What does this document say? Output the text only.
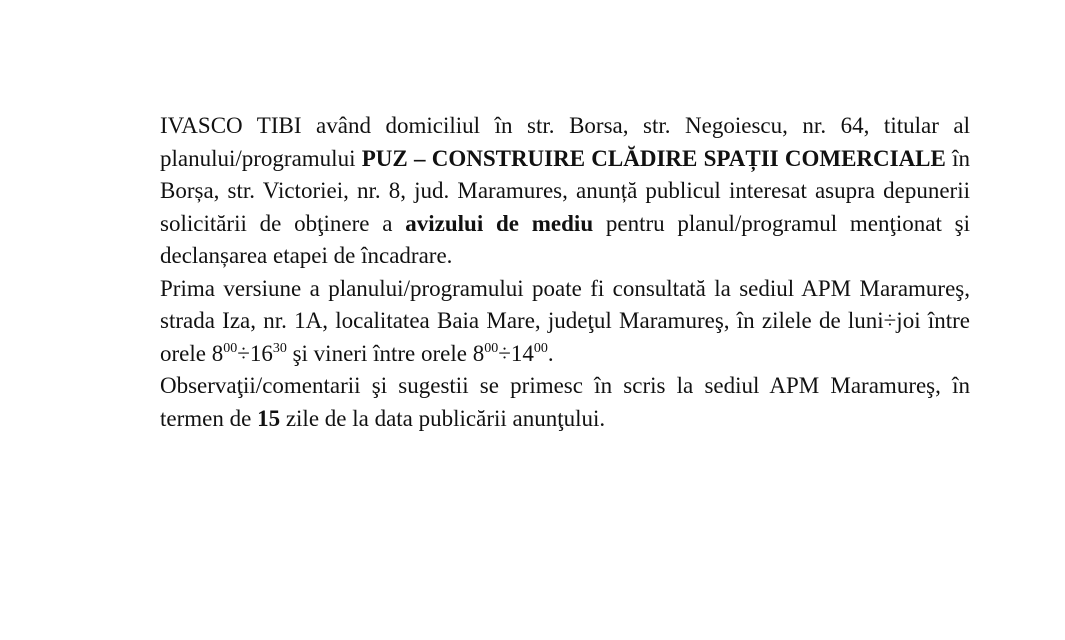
IVASCO TIBI având domiciliul în str. Borsa, str. Negoiescu, nr. 64, titular al planului/programului PUZ – CONSTRUIRE CLĂDIRE SPAȚII COMERCIALE în Borșa, str. Victoriei, nr. 8, jud. Maramures, anunță publicul interesat asupra depunerii solicitării de obţinere a avizului de mediu pentru planul/programul menţionat şi declanșarea etapei de încadrare.

Prima versiune a planului/programului poate fi consultată la sediul APM Maramureş, strada Iza, nr. 1A, localitatea Baia Mare, judeţul Maramureş, în zilele de luni÷joi între orele $8^{00}\div 16^{30}$ şi vineri între orele $8^{00}\div 14^{00}$.

Observaţii/comentarii şi sugestii se primesc în scris la sediul APM Maramureş, în termen de 15 zile de la data publicării anunţului.
